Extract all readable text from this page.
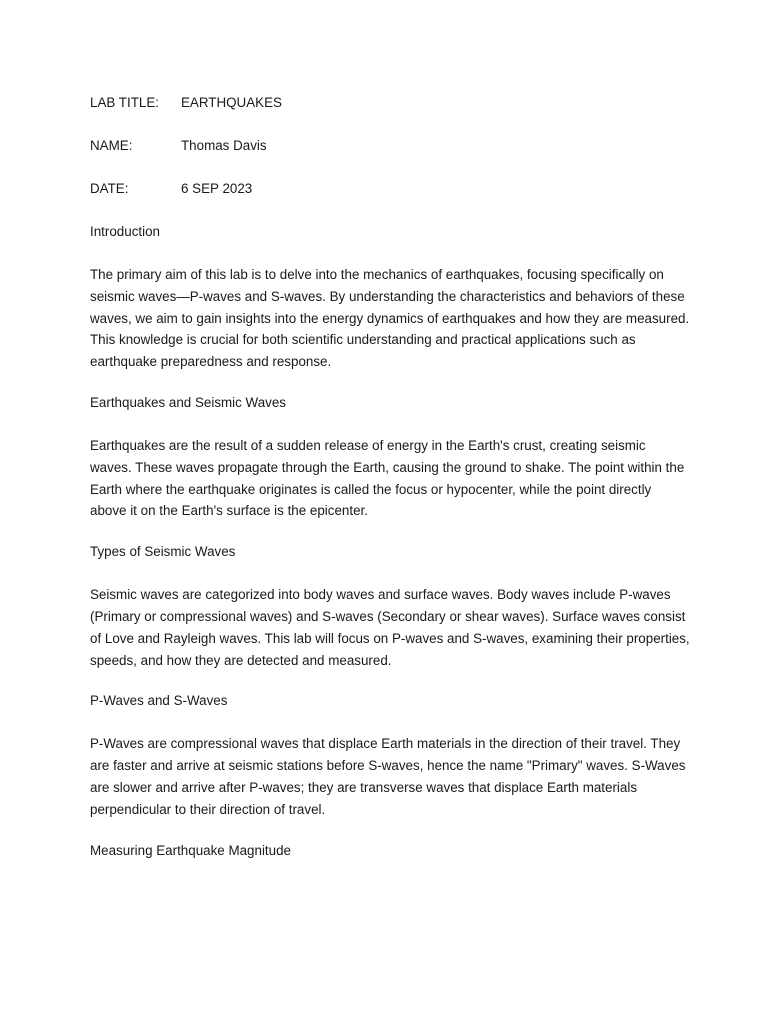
LAB TITLE:	EARTHQUAKES
NAME:	Thomas Davis
DATE:	6 SEP 2023
Introduction

The primary aim of this lab is to delve into the mechanics of earthquakes, focusing specifically on seismic waves—P-waves and S-waves. By understanding the characteristics and behaviors of these waves, we aim to gain insights into the energy dynamics of earthquakes and how they are measured. This knowledge is crucial for both scientific understanding and practical applications such as earthquake preparedness and response.

Earthquakes and Seismic Waves

Earthquakes are the result of a sudden release of energy in the Earth's crust, creating seismic waves. These waves propagate through the Earth, causing the ground to shake. The point within the Earth where the earthquake originates is called the focus or hypocenter, while the point directly above it on the Earth's surface is the epicenter.

Types of Seismic Waves

Seismic waves are categorized into body waves and surface waves. Body waves include P-waves (Primary or compressional waves) and S-waves (Secondary or shear waves). Surface waves consist of Love and Rayleigh waves. This lab will focus on P-waves and S-waves, examining their properties, speeds, and how they are detected and measured.

P-Waves and S-Waves

P-Waves are compressional waves that displace Earth materials in the direction of their travel. They are faster and arrive at seismic stations before S-waves, hence the name "Primary" waves. S-Waves are slower and arrive after P-waves; they are transverse waves that displace Earth materials perpendicular to their direction of travel.

Measuring Earthquake Magnitude
